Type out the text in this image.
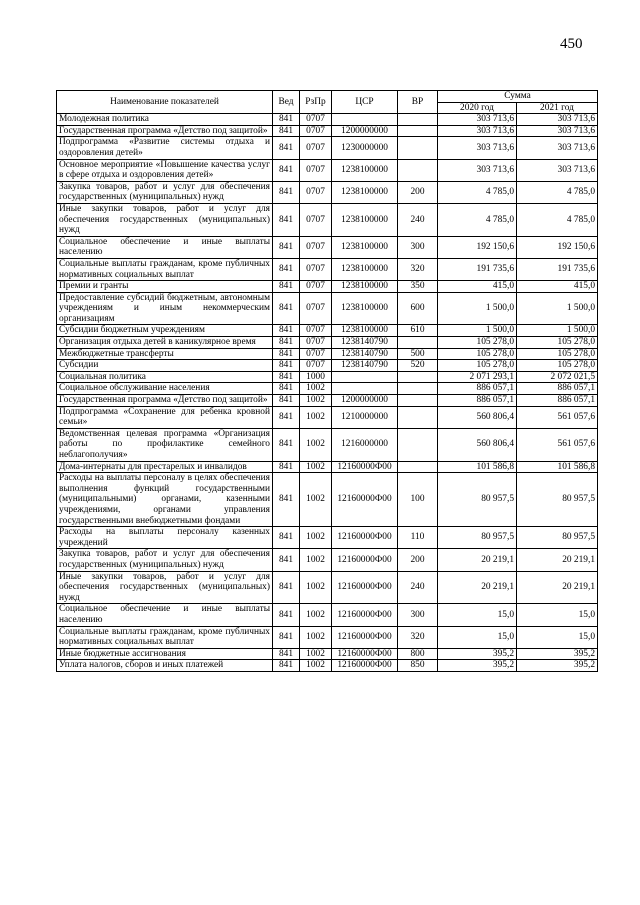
450
Наименование показателей	Вед	РзПр	ЦСР	ВР	Сумма	
					2020 год	2021 год
Молодежная политика	841	0707			303 713,6	303 713,6
Государственная программа «Детство под защитой»	841	0707	1200000000		303 713,6	303 713,6
Подпрограмма «Развитие системы отдыха и оздоровления детей»	841	0707	1230000000		303 713,6	303 713,6
Основное мероприятие «Повышение качества услуг в сфере отдыха и оздоровления детей»	841	0707	1238100000		303 713,6	303 713,6
Закупка товаров, работ и услуг для обеспечения государственных (муниципальных) нужд	841	0707	1238100000	200	4 785,0	4 785,0
Иные закупки товаров, работ и услуг для обеспечения государственных (муниципальных) нужд	841	0707	1238100000	240	4 785,0	4 785,0
Социальное обеспечение и иные выплаты населению	841	0707	1238100000	300	192 150,6	192 150,6
Социальные выплаты гражданам, кроме публичных нормативных социальных выплат	841	0707	1238100000	320	191 735,6	191 735,6
Премии и гранты	841	0707	1238100000	350	415,0	415,0
Предоставление субсидий бюджетным, автономным учреждениям и иным некоммерческим организациям	841	0707	1238100000	600	1 500,0	1 500,0
Субсидии бюджетным учреждениям	841	0707	1238100000	610	1 500,0	1 500,0
Организация отдыха детей в каникулярное время	841	0707	1238140790		105 278,0	105 278,0
Межбюджетные трансферты	841	0707	1238140790	500	105 278,0	105 278,0
Субсидии	841	0707	1238140790	520	105 278,0	105 278,0
Социальная политика	841	1000			2 071 293,1	2 072 021,5
Социальное обслуживание населения	841	1002			886 057,1	886 057,1
Государственная программа «Детство под защитой»	841	1002	1200000000		886 057,1	886 057,1
Подпрограмма «Сохранение для ребенка кровной семьи»	841	1002	1210000000		560 806,4	561 057,6
Ведомственная целевая программа «Организация работы по профилактике семейного неблагополучия»	841	1002	1216000000		560 806,4	561 057,6
Дома-интернаты для престарелых и инвалидов	841	1002	12160000Ф00		101 586,8	101 586,8
Расходы на выплаты персоналу в целях обеспечения выполнения функций государственными (муниципальными) органами, казенными учреждениями, органами управления государственными внебюджетными фондами	841	1002	12160000Ф00	100	80 957,5	80 957,5
Расходы на выплаты персоналу казенных учреждений	841	1002	12160000Ф00	110	80 957,5	80 957,5
Закупка товаров, работ и услуг для обеспечения государственных (муниципальных) нужд	841	1002	12160000Ф00	200	20 219,1	20 219,1
Иные закупки товаров, работ и услуг для обеспечения государственных (муниципальных) нужд	841	1002	12160000Ф00	240	20 219,1	20 219,1
Социальное обеспечение и иные выплаты населению	841	1002	12160000Ф00	300	15,0	15,0
Социальные выплаты гражданам, кроме публичных нормативных социальных выплат	841	1002	12160000Ф00	320	15,0	15,0
Иные бюджетные ассигнования	841	1002	12160000Ф00	800	395,2	395,2
Уплата налогов, сборов и иных платежей	841	1002	12160000Ф00	850	395,2	395,2
